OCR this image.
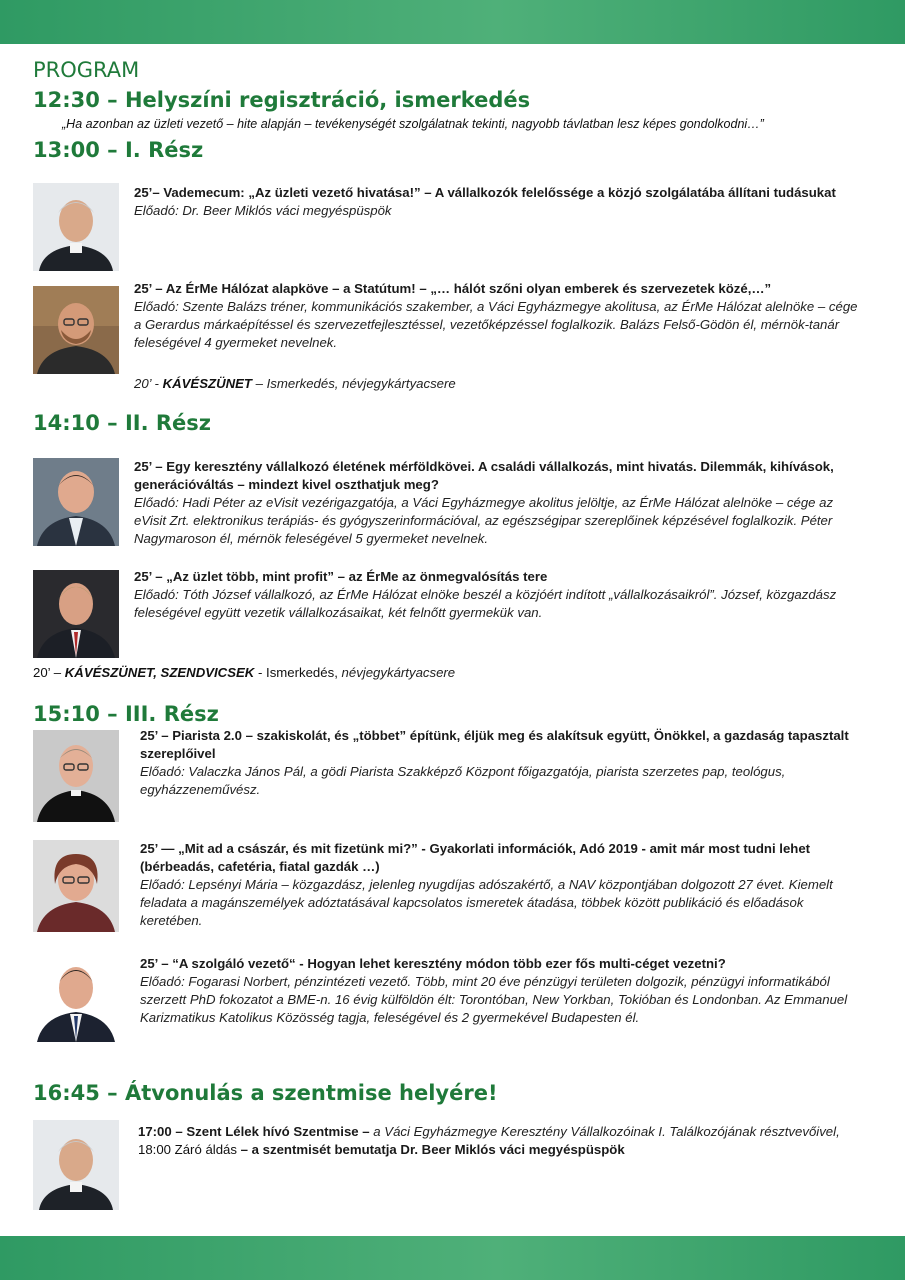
PROGRAM
12:30 – Helyszíni regisztráció, ismerkedés
„Ha azonban az üzleti vezető – hite alapján – tevékenységét szolgálatnak tekinti, nagyobb távlatban lesz képes gondolkodni…”
13:00 – I. Rész
25’– Vademecum: „Az üzleti vezető hivatása!” – A vállalkozók felelőssége a közjó szolgálatába állítani tudásukat
Előadó: Dr. Beer Miklós váci megyéspüspök
25’ – Az ÉrMe Hálózat alapköve – a Statútum! – „… hálót szőni olyan emberek és szervezetek közé,…”
Előadó: Szente Balázs tréner, kommunikációs szakember, a Váci Egyházmegye akolitusa, az ÉrMe Hálózat alelnöke – cége a Gerardus márkaépítéssel és szervezetfejlesztéssel, vezetőképzéssel foglalkozik. Balázs Felső-Gödön él, mérnök-tanár feleségével 4 gyermeket nevelnek.
20’ - KÁVÉSZÜNET – Ismerkedés, névjegykártyacsere
14:10 – II. Rész
25’ – Egy keresztény vállalkozó életének mérföldkövei. A családi vállalkozás, mint hivatás. Dilemmák, kihívások, generációváltás – mindezt kivel oszthatjuk meg?
Előadó: Hadi Péter az eVisit vezérigazgatója, a Váci Egyházmegye akolitus jelöltje, az ÉrMe Hálózat alelnöke – cége az eVisit Zrt. elektronikus terápiás- és gyógyszerinformációval, az egészségipar szereplőinek képzésével foglalkozik. Péter Nagymaroson él, mérnök feleségével 5 gyermeket nevelnek.
25’ – „Az üzlet több, mint profit” – az ÉrMe az önmegvalósítás tere
Előadó: Tóth József vállalkozó, az ÉrMe Hálózat elnöke beszél a közjóért indított „vállalkozásaikról”. József, közgazdász feleségével együtt vezetik vállalkozásaikat, két felnőtt gyermekük van.
20’ – KÁVÉSZÜNET, SZENDVICSEK - Ismerkedés, névjegykártyacsere
15:10 – III. Rész
25’ – Piarista 2.0 – szakiskolát, és „többet” építünk, éljük meg és alakítsuk együtt, Önökkel, a gazdaság tapasztalt szereplőivel
Előadó: Valaczka János Pál, a gödi Piarista Szakképző Központ főigazgatója, piarista szerzetes pap, teológus, egyházzeneművész.
25’ — „Mit ad a császár, és mit fizetünk mi?” - Gyakorlati információk, Adó 2019 - amit már most tudni lehet (bérbeadás, cafetéria, fiatal gazdák …)
Előadó: Lepsényi Mária – közgazdász, jelenleg nyugdíjas adószakértő, a NAV központjában dolgozott 27 évet. Kiemelt feladata a magánszemélyek adóztatásával kapcsolatos ismeretek átadása, többek között publikáció és előadások keretében.
25’ – “A szolgáló vezető“ - Hogyan lehet keresztény módon több ezer fős multi-céget vezetni?
Előadó: Fogarasi Norbert, pénzintézeti vezető. Több, mint 20 éve pénzügyi területen dolgozik, pénzügyi informatikából szerzett PhD fokozatot a BME-n. 16 évig külföldön élt: Torontóban, New Yorkban, Tokióban és Londonban. Az Emmanuel Karizmatikus Katolikus Közösség tagja, feleségével és 2 gyermekével Budapesten él.
16:45 – Átvonulás a szentmise helyére!
17:00 – Szent Lélek hívó Szentmise – a Váci Egyházmegye Keresztény Vállalkozóinak I. Találkozójának résztvevőivel,
18:00 Záró áldás – a szentmisét bemutatja Dr. Beer Miklós váci megyéspüspök
